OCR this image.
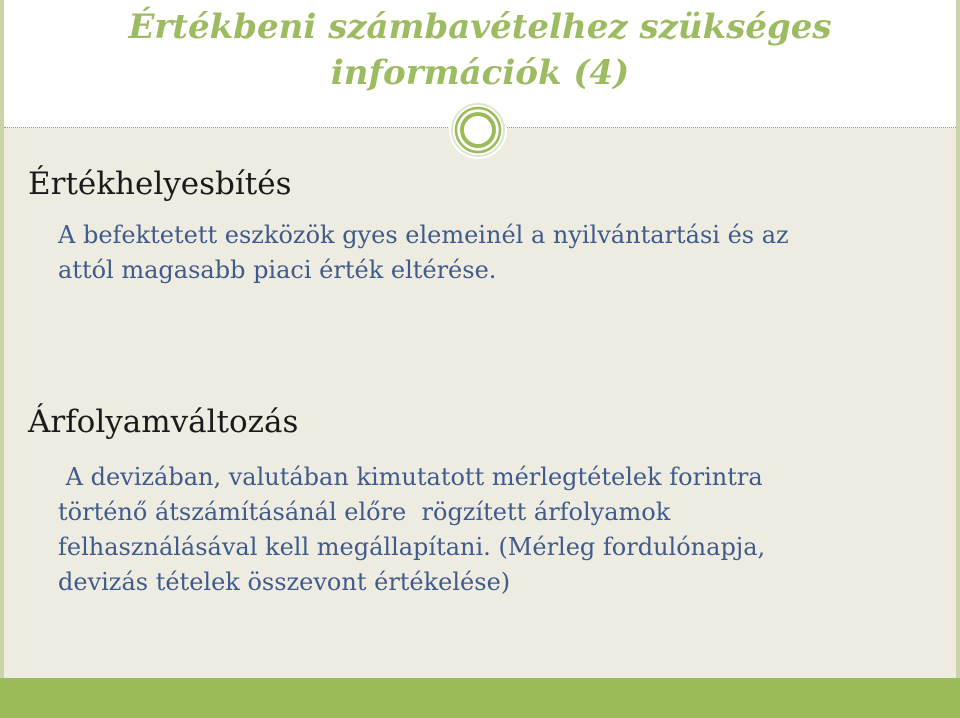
Értékbeni számbavételhez szükséges
információk (4)
Értékhelyesbítés

A befektetett eszközök gyes elemeinél a nyilvántartási és az
attól magasabb piaci érték eltérése.

Árfolyamváltozás

A devizában, valutában kimutatott mérlegtételek forintra
történő átszámításánál előre  rögzített árfolyamok
felhasználásával kell megállapítani. (Mérleg fordulónapja,
devizás tételek összevont értékelése)
